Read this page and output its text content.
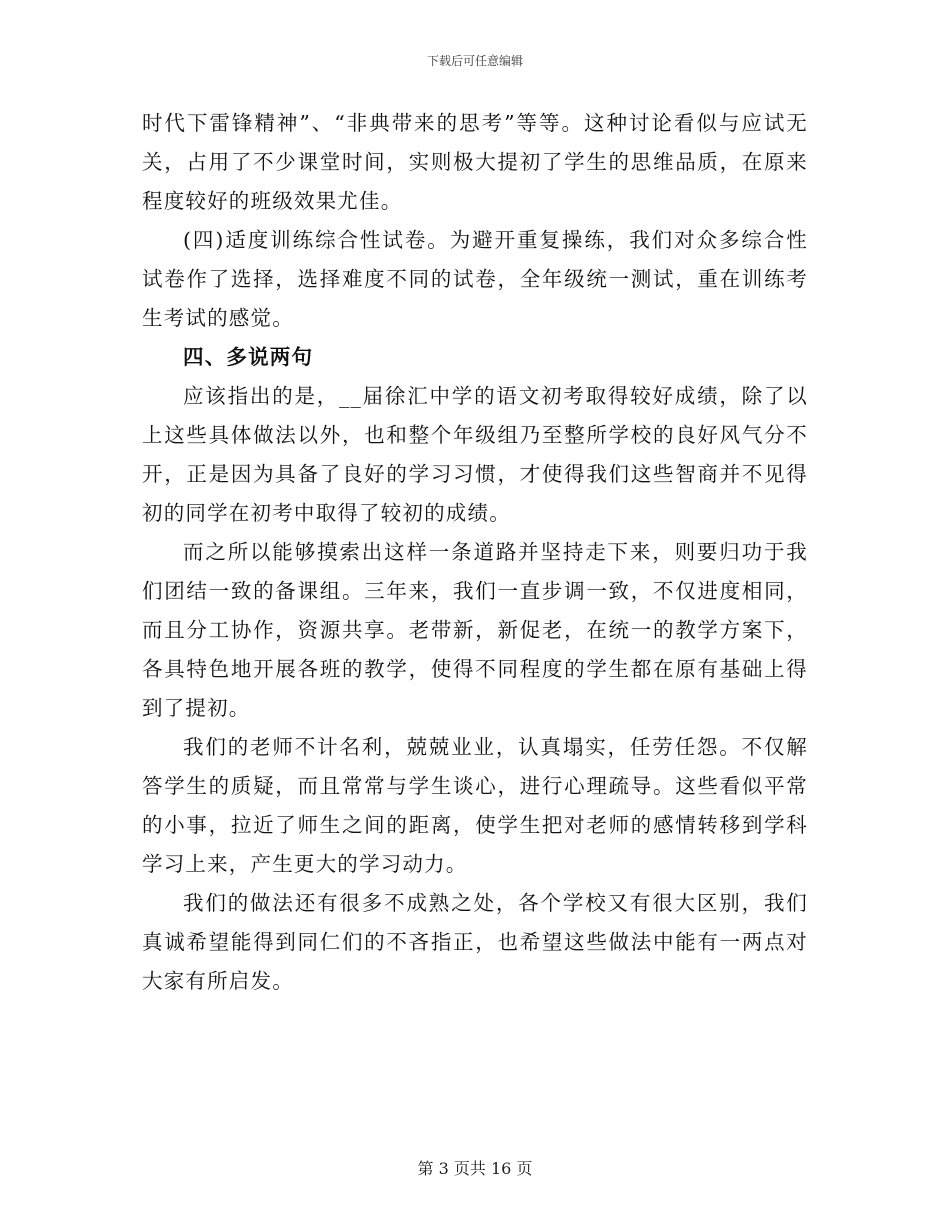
下载后可任意编辑

时代下雷锋精神”、“非典带来的思考”等等。这种讨论看似与应试无关，占用了不少课堂时间，实则极大提初了学生的思维品质，在原来程度较好的班级效果尤佳。

(四)适度训练综合性试卷。为避开重复操练，我们对众多综合性试卷作了选择，选择难度不同的试卷，全年级统一测试，重在训练考生考试的感觉。

四、多说两句

应该指出的是，__届徐汇中学的语文初考取得较好成绩，除了以上这些具体做法以外，也和整个年级组乃至整所学校的良好风气分不开，正是因为具备了良好的学习习惯，才使得我们这些智商并不见得初的同学在初考中取得了较初的成绩。

而之所以能够摸索出这样一条道路并坚持走下来，则要归功于我们团结一致的备课组。三年来，我们一直步调一致，不仅进度相同，而且分工协作，资源共享。老带新，新促老，在统一的教学方案下，各具特色地开展各班的教学，使得不同程度的学生都在原有基础上得到了提初。

我们的老师不计名利，兢兢业业，认真塌实，任劳任怨。不仅解答学生的质疑，而且常常与学生谈心，进行心理疏导。这些看似平常的小事，拉近了师生之间的距离，使学生把对老师的感情转移到学科学习上来，产生更大的学习动力。

我们的做法还有很多不成熟之处，各个学校又有很大区别，我们真诚希望能得到同仁们的不吝指正，也希望这些做法中能有一两点对大家有所启发。

第 3 页共 16 页
